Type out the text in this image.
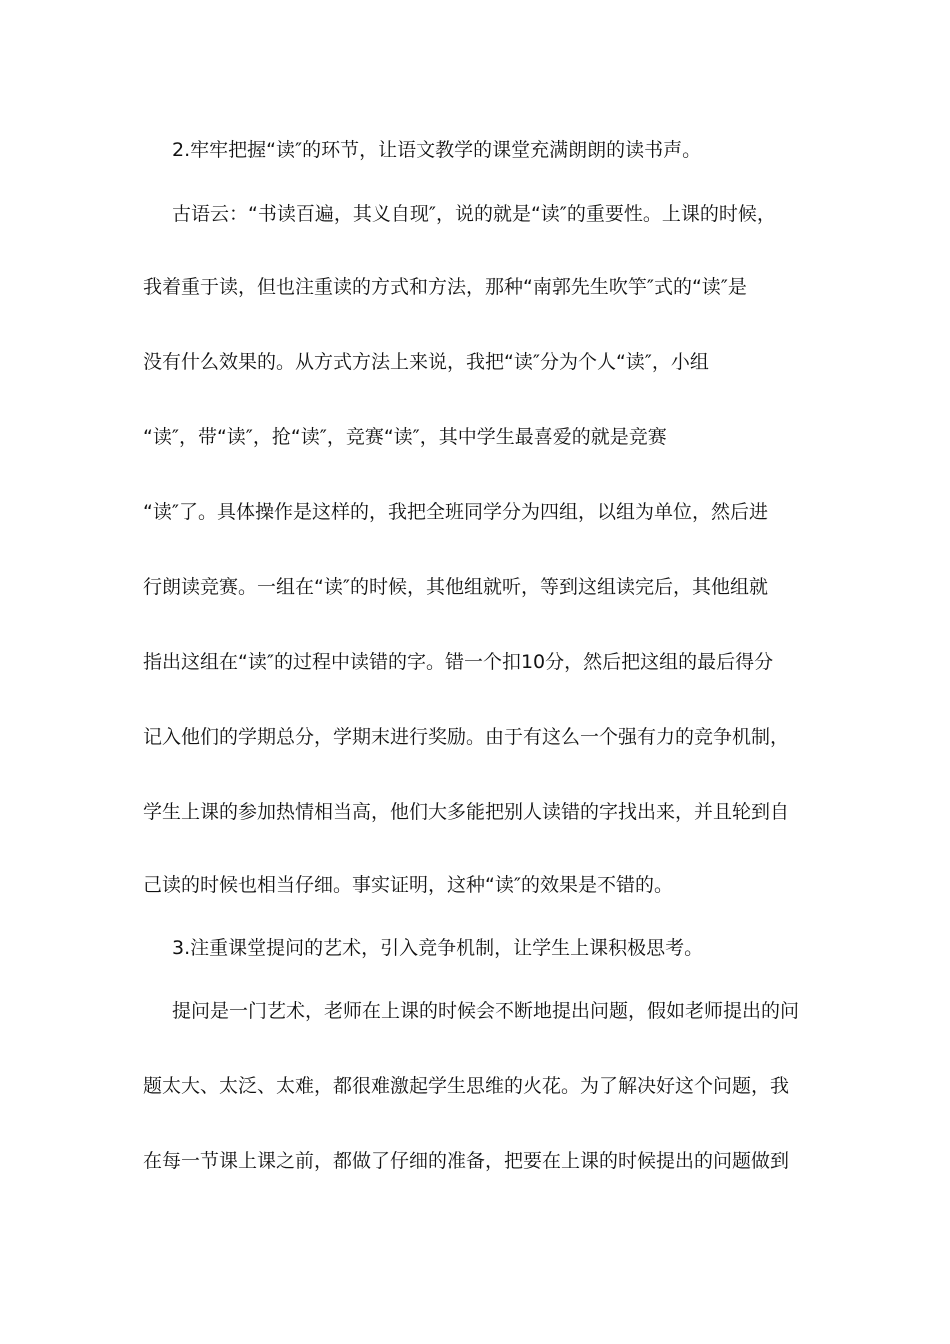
2.牢牢把握“读″的环节，让语文教学的课堂充满朗朗的读书声。
古语云：“书读百遍，其义自现″，说的就是“读″的重要性。上课的时候，
我着重于读，但也注重读的方式和方法，那种“南郭先生吹竽″式的“读″是
没有什么效果的。从方式方法上来说，我把“读″分为个人“读″，小组
“读″，带“读″，抢“读″，竞赛“读″，其中学生最喜爱的就是竞赛
“读″了。具体操作是这样的，我把全班同学分为四组，以组为单位，然后进
行朗读竞赛。一组在“读″的时候，其他组就听，等到这组读完后，其他组就
指出这组在“读″的过程中读错的字。错一个扣10分，然后把这组的最后得分
记入他们的学期总分，学期末进行奖励。由于有这么一个强有力的竞争机制，
学生上课的参加热情相当高，他们大多能把别人读错的字找出来，并且轮到自
己读的时候也相当仔细。事实证明，这种“读″的效果是不错的。
3.注重课堂提问的艺术，引入竞争机制，让学生上课积极思考。
提问是一门艺术，老师在上课的时候会不断地提出问题，假如老师提出的问
题太大、太泛、太难，都很难激起学生思维的火花。为了解决好这个问题，我
在每一节课上课之前，都做了仔细的准备，把要在上课的时候提出的问题做到
